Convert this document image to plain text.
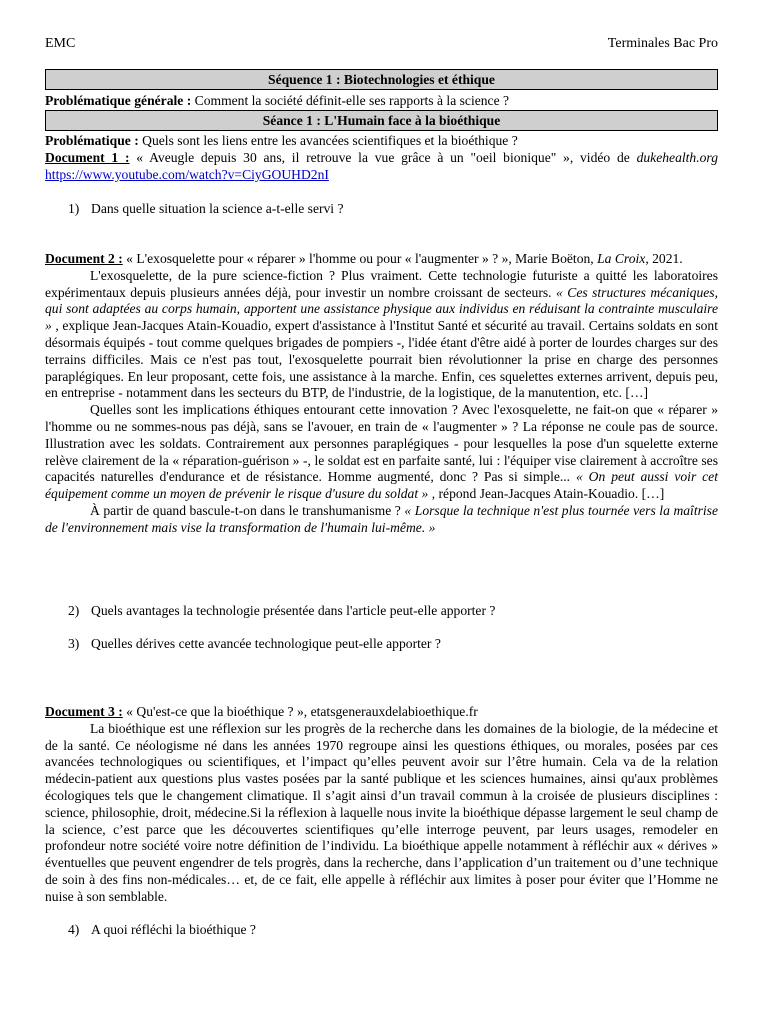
EMC	Terminales Bac Pro
Séquence 1 : Biotechnologies et éthique
Problématique générale : Comment la société définit-elle ses rapports à la science ?
Séance 1 : L'Humain face à la bioéthique
Problématique : Quels sont les liens entre les avancées scientifiques et la bioéthique ?
Document 1 : « Aveugle depuis 30 ans, il retrouve la vue grâce à un "oeil bionique" », vidéo de dukehealth.org https://www.youtube.com/watch?v=CiyGOUHD2nI
1) Dans quelle situation la science a-t-elle servi ?

Document 2 : « L'exosquelette pour « réparer » l'homme ou pour « l'augmenter » ? », Marie Boëton, La Croix, 2021.

L'exosquelette, de la pure science-fiction ? Plus vraiment. Cette technologie futuriste a quitté les laboratoires expérimentaux depuis plusieurs années déjà, pour investir un nombre croissant de secteurs. « Ces structures mécaniques, qui sont adaptées au corps humain, apportent une assistance physique aux individus en réduisant la contrainte musculaire » , explique Jean-Jacques Atain-Kouadio, expert d'assistance à l'Institut Santé et sécurité au travail. Certains soldats en sont désormais équipés - tout comme quelques brigades de pompiers -, l'idée étant d'être aidé à porter de lourdes charges sur des terrains difficiles. Mais ce n'est pas tout, l'exosquelette pourrait bien révolutionner la prise en charge des personnes paraplégiques. En leur proposant, cette fois, une assistance à la marche. Enfin, ces squelettes externes arrivent, depuis peu, en entreprise - notamment dans les secteurs du BTP, de l'industrie, de la logistique, de la manutention, etc. […]

Quelles sont les implications éthiques entourant cette innovation ? Avec l'exosquelette, ne fait-on que « réparer » l'homme ou ne sommes-nous pas déjà, sans se l'avouer, en train de « l'augmenter » ? La réponse ne coule pas de source. Illustration avec les soldats. Contrairement aux personnes paraplégiques - pour lesquelles la pose d'un squelette externe relève clairement de la « réparation-guérison » -, le soldat est en parfaite santé, lui : l'équiper vise clairement à accroître ses capacités naturelles d'endurance et de résistance. Homme augmenté, donc ? Pas si simple... « On peut aussi voir cet équipement comme un moyen de prévenir le risque d'usure du soldat » , répond Jean-Jacques Atain-Kouadio. […]

À partir de quand bascule-t-on dans le transhumanisme ? « Lorsque la technique n'est plus tournée vers la maîtrise de l'environnement mais vise la transformation de l'humain lui-même. »

2) Quels avantages la technologie présentée dans l'article peut-elle apporter ?
3) Quelles dérives cette avancée technologique peut-elle apporter ?

Document 3 : « Qu'est-ce que la bioéthique ? », etatsgenerauxdelabioethique.fr

La bioéthique est une réflexion sur les progrès de la recherche dans les domaines de la biologie, de la médecine et de la santé. Ce néologisme né dans les années 1970 regroupe ainsi les questions éthiques, ou morales, posées par ces avancées technologiques ou scientifiques, et l’impact qu’elles peuvent avoir sur l’être humain. Cela va de la relation médecin-patient aux questions plus vastes posées par la santé publique et les sciences humaines, ainsi qu'aux problèmes écologiques tels que le changement climatique. Il s’agit ainsi d’un travail commun à la croisée de plusieurs disciplines : science, philosophie, droit, médecine.Si la réflexion à laquelle nous invite la bioéthique dépasse largement le seul champ de la science, c’est parce que les découvertes scientifiques qu’elle interroge peuvent, par leurs usages, remodeler en profondeur notre société voire notre définition de l’individu. La bioéthique appelle notamment à réfléchir aux « dérives » éventuelles que peuvent engendrer de tels progrès, dans la recherche, dans l’application d’un traitement ou d’une technique de soin à des fins non-médicales… et, de ce fait, elle appelle à réfléchir aux limites à poser pour éviter que l’Homme ne nuise à son semblable.

4) A quoi réfléchi la bioéthique ?
